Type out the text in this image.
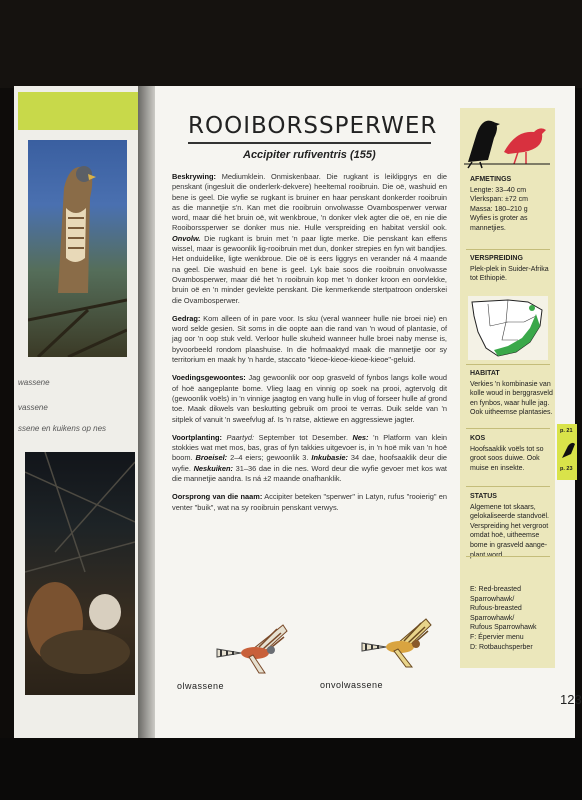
wassene
vassene
ssene en kuikens op nes
ROOIBORSSPERWER
Accipiter rufiventris (155)

Beskrywing: Mediumklein. Onmiskenbaar. Die rugkant is leiklipgrys en die penskant (ingesluit die onderlerk-dekvere) heeltemal rooibruin. Die oë, washuid en bene is geel. Die wyfie se rugkant is bruiner en haar penskant donkerder rooibruin as die mannetjie s'n. Kan met die rooibruin onvolwasse Ovambosperwer verwar word, maar dié het bruin oë, wit wenkbroue, 'n donker vlek agter die oë, en nie die Rooiborssperwer se donker mus nie. Hulle verspreiding en habitat verskil ook. Onvolw. Die rugkant is bruin met 'n paar ligte merke. Die penskant kan effens wissel, maar is gewoonlik lig-rooibruin met dun, donker strepies en fyn wit bandjies. Het onduidelike, ligte wenkbroue. Die oë is eers liggrys en verander ná 4 maande na geel. Die washuid en bene is geel. Lyk baie soos die rooibruin onvolwasse Ovambosperwer, maar dié het 'n rooibruin kop met 'n donker kroon en oorvlekke, bruin oë en 'n minder gevlekte penskant. Die kenmerkende stertpatroon onderskei die Ovambosperwer.

Gedrag: Kom alleen of in pare voor. Is sku (veral wanneer hulle nie broei nie) en word selde gesien. Sit soms in die oopte aan die rand van 'n woud of plantasie, of jag oor 'n oop stuk veld. Verloor hulle skuheid wanneer hulle broei naby mense is, byvoorbeeld rondom plaashuise. In die hofmaaktyd maak die mannetjie oor sy territorium en maak hy 'n harde, staccato "kieoe-kieoe-kieoe-kieoe"-geluid.

Voedingsgewoontes: Jag gewoonlik oor oop grasveld of fynbos langs kolle woud of hoë aangeplante bome. Vlieg laag en vinnig op soek na prooi, agtervolg dit (gewoonlik voëls) in 'n vinnige jaagtog en vang hulle in vlug of forseer hulle af grond toe. Maak dikwels van beskutting gebruik om prooi te verras. Duik selde van 'n sitplek of vanuit 'n sweefvlug af. Is 'n ratse, aktiewe en aggressiewe jagter.

Voortplanting: Paartyd: September tot Desember. Nes: 'n Platform van klein stokkies wat met mos, bas, gras of fyn takkies uitgevoer is, in 'n hoë mik van 'n hoë boom. Broeisel: 2–4 eiers; gewoonlik 3. Inkubasie: 34 dae, hoofsaaklik deur die wyfie. Neskuiken: 31–36 dae in die nes. Word deur die wyfie gevoer met kos wat die mannetjie aandra. Is ná ±2 maande onafhanklik.

Oorsprong van die naam: Accipiter beteken "sperwer" in Latyn, rufus "rooierig" en venter "buik", wat na sy rooibruin penskant verwys.

AFMETINGS
Lengte: 33–40 cm
Vlerkspan: ±72 cm
Massa: 180–210 g
Wyfies is groter as
mannetjies.
VERSPREIDING
Plek-plek in Suider-Afrika
tot Ethiopië.
HABITAT
Verkies 'n kombinasie van
kolle woud in berggrasveld
en fynbos, waar hulle jag.
Ook uitheemse plantasies.
KOS
Hoofsaaklik voëls tot so
groot soos duiwe. Ook
muise en insekte.
STATUS
Algemene tot skaars,
gelokaliseerde standvoël.
Verspreiding het vergroot
omdat hoë, uitheemse
bome in grasveld aange-
E: Red-breasted
Sparrowhawk/
Rufous-breasted
Sparrowhawk/
Rufous Sparrowhawk
F: Épervier menu
D: Rotbauchsperber
olwassene	onvolwassene
p. 21
p. 23
123
